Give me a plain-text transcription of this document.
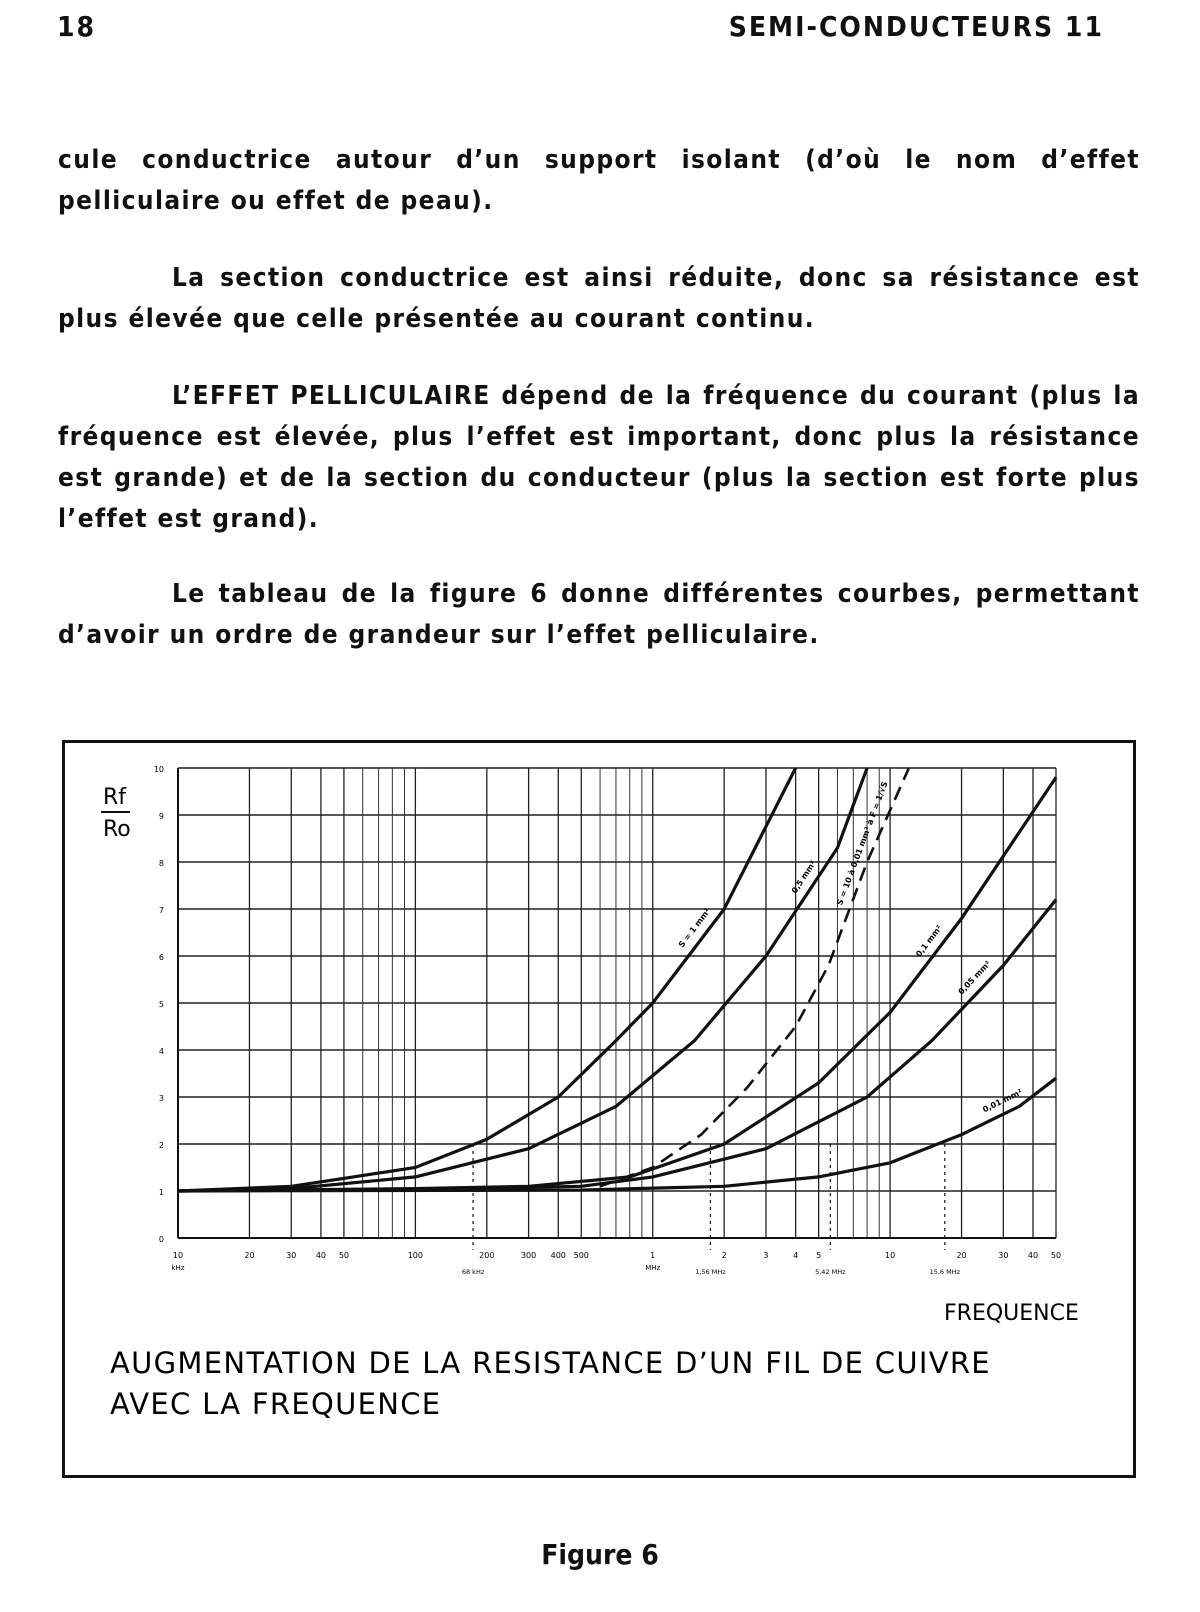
18	SEMI-CONDUCTEURS 11

cule conductrice autour d’un support isolant (d’où le nom d’effet pelliculaire ou effet de peau).

La section conductrice est ainsi réduite, donc sa résistance est plus élevée que celle présentée au courant continu.

L’EFFET PELLICULAIRE dépend de la fréquence du courant (plus la fréquence est élevée, plus l’effet est important, donc plus la résistance est grande) et de la section du conducteur (plus la section est forte plus l’effet est grand).

Le tableau de la figure 6 donne différentes courbes, permettant d’avoir un ordre de grandeur sur l’effet pelliculaire.

0
1
2
3
4
5
6
7
8
9
10
10	20	30 40 50	100	200	300 400 500	1	2	3	4 5	10	20	30 40 50
kHz	MHz
68 kHz	1,56 MHz	5,42 MHz	15,6 MHz
S = 1 mm²
0,5 mm² S = 10 à 0,01 mm² à F = 1/√S
0,1 mm²
0,05 mm²
0,01 mm²
Rf
Ro
FREQUENCE
AUGMENTATION DE LA RESISTANCE D’UN FIL DE CUIVRE
AVEC LA FREQUENCE
Figure 6
